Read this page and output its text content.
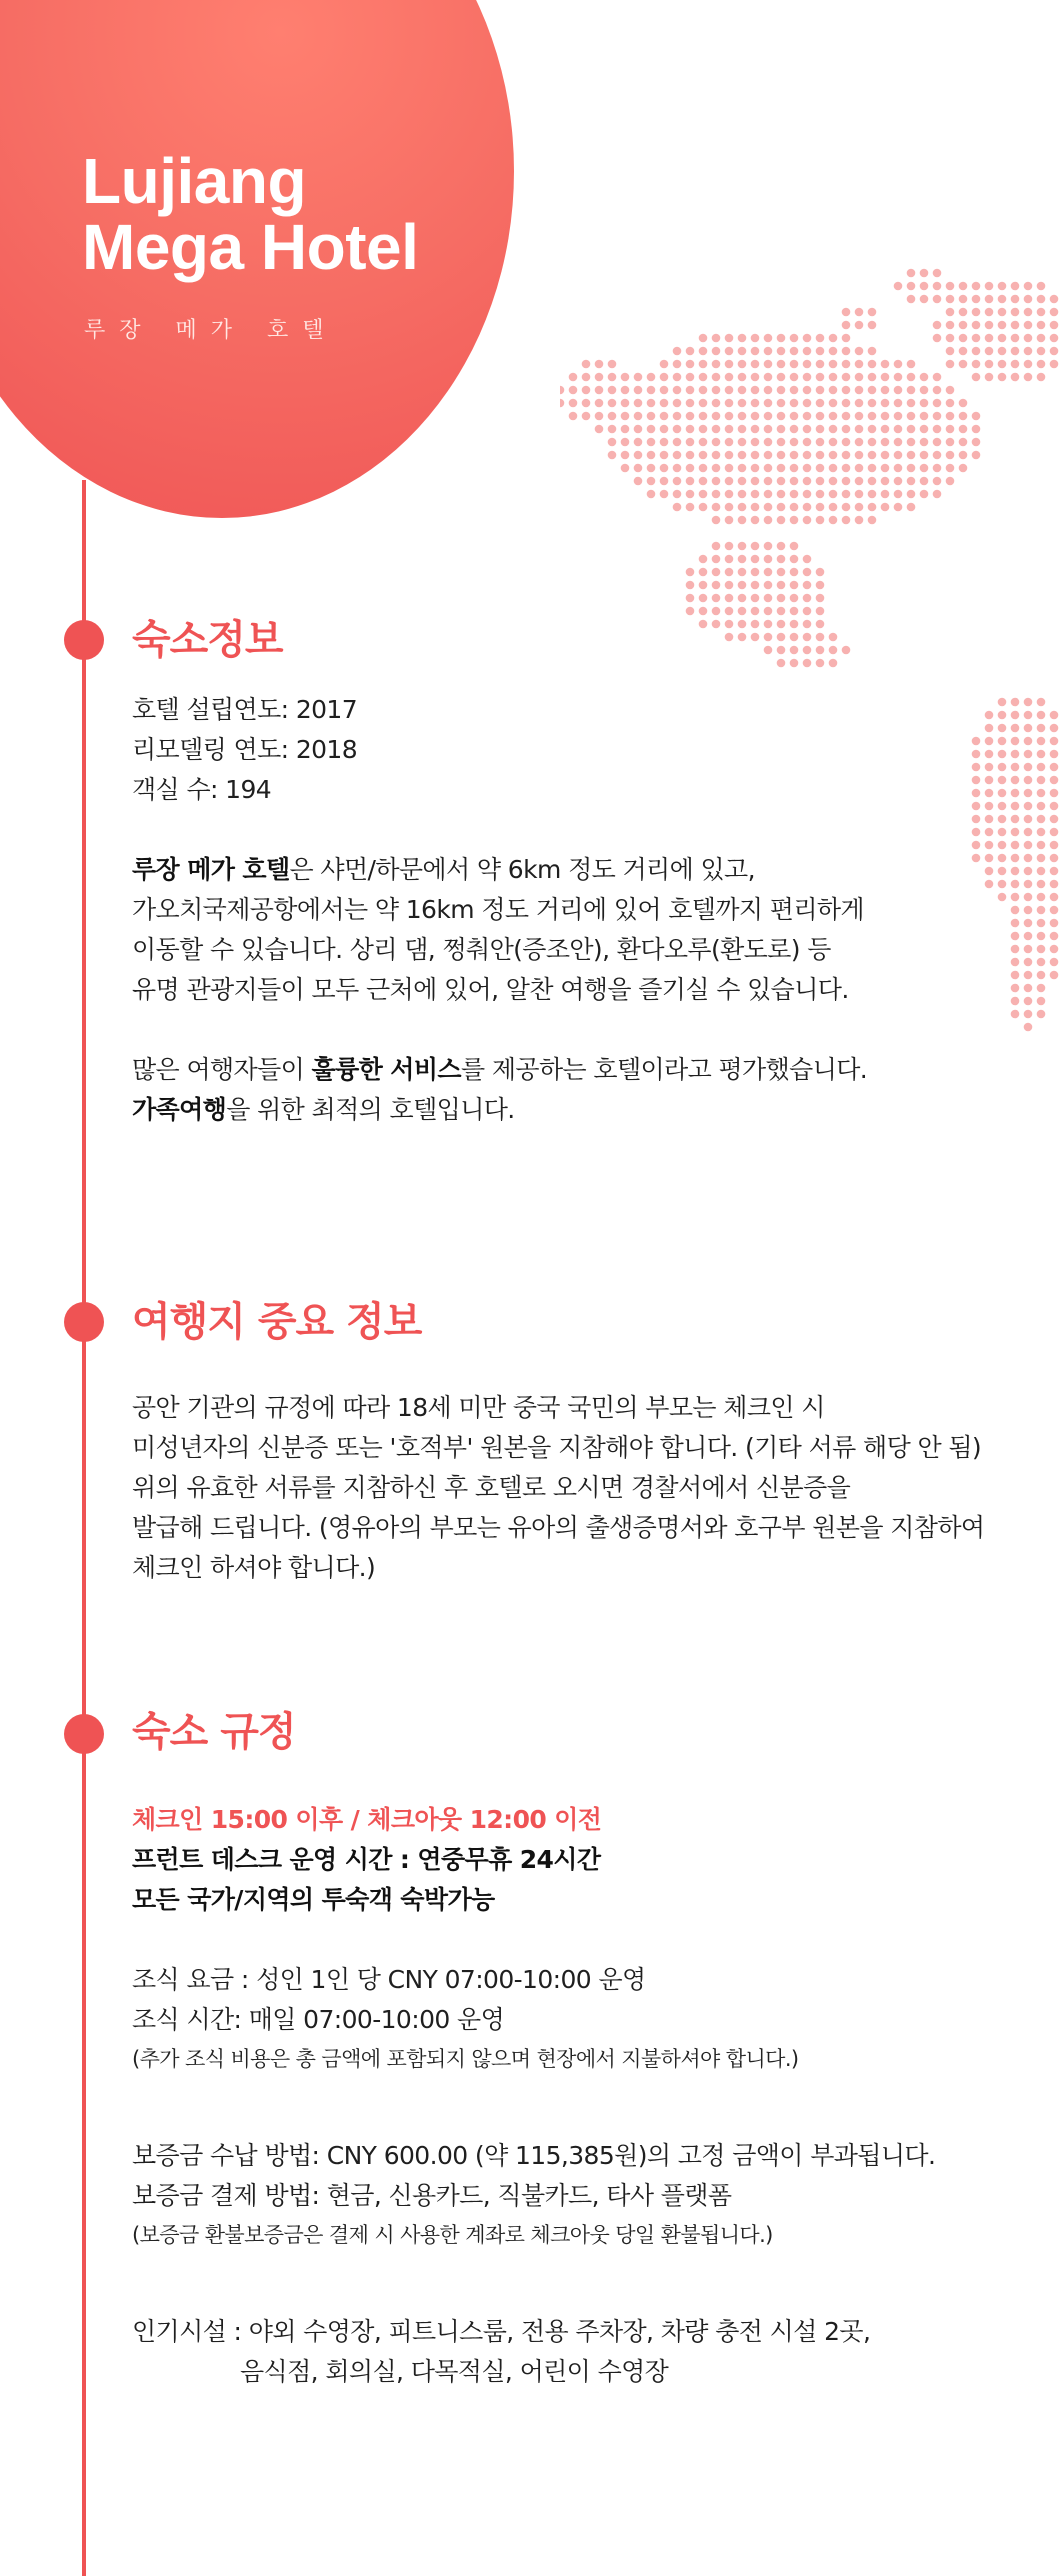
Lujiang
Mega Hotel

루장 메가 호텔

숙소정보

호텔 설립연도: 2017

리모델링 연도: 2018

객실 수: 194

루장 메가 호텔은 샤먼/하문에서 약 6km 정도 거리에 있고,

가오치국제공항에서는 약 16km 정도 거리에 있어 호텔까지 편리하게

이동할 수 있습니다. 상리 댐, 쩡춰안(증조안), 환다오루(환도로) 등

유명 관광지들이 모두 근처에 있어, 알찬 여행을 즐기실 수 있습니다.

많은 여행자들이 훌륭한 서비스를 제공하는 호텔이라고 평가했습니다.

가족여행을 위한 최적의 호텔입니다.

여행지 중요 정보

공안 기관의 규정에 따라 18세 미만 중국 국민의 부모는 체크인 시

미성년자의 신분증 또는 '호적부' 원본을 지참해야 합니다. (기타 서류 해당 안 됨)

위의 유효한 서류를 지참하신 후 호텔로 오시면 경찰서에서 신분증을

발급해 드립니다. (영유아의 부모는 유아의 출생증명서와 호구부 원본을 지참하여

체크인 하셔야 합니다.)

숙소 규정

체크인 15:00 이후 / 체크아웃 12:00 이전

프런트 데스크 운영 시간 : 연중무휴 24시간

모든 국가/지역의 투숙객 숙박가능

조식 요금 : 성인 1인 당 CNY 07:00-10:00 운영

조식 시간: 매일 07:00-10:00 운영

(추가 조식 비용은 총 금액에 포함되지 않으며 현장에서 지불하셔야 합니다.)

보증금 수납 방법: CNY 600.00 (약 115,385원)의 고정 금액이 부과됩니다.

보증금 결제 방법: 현금, 신용카드, 직불카드, 타사 플랫폼

(보증금 환불보증금은 결제 시 사용한 계좌로 체크아웃 당일 환불됩니다.)

인기시설 : 야외 수영장, 피트니스룸, 전용 주차장, 차량 충전 시설 2곳,

음식점, 회의실, 다목적실, 어린이 수영장
